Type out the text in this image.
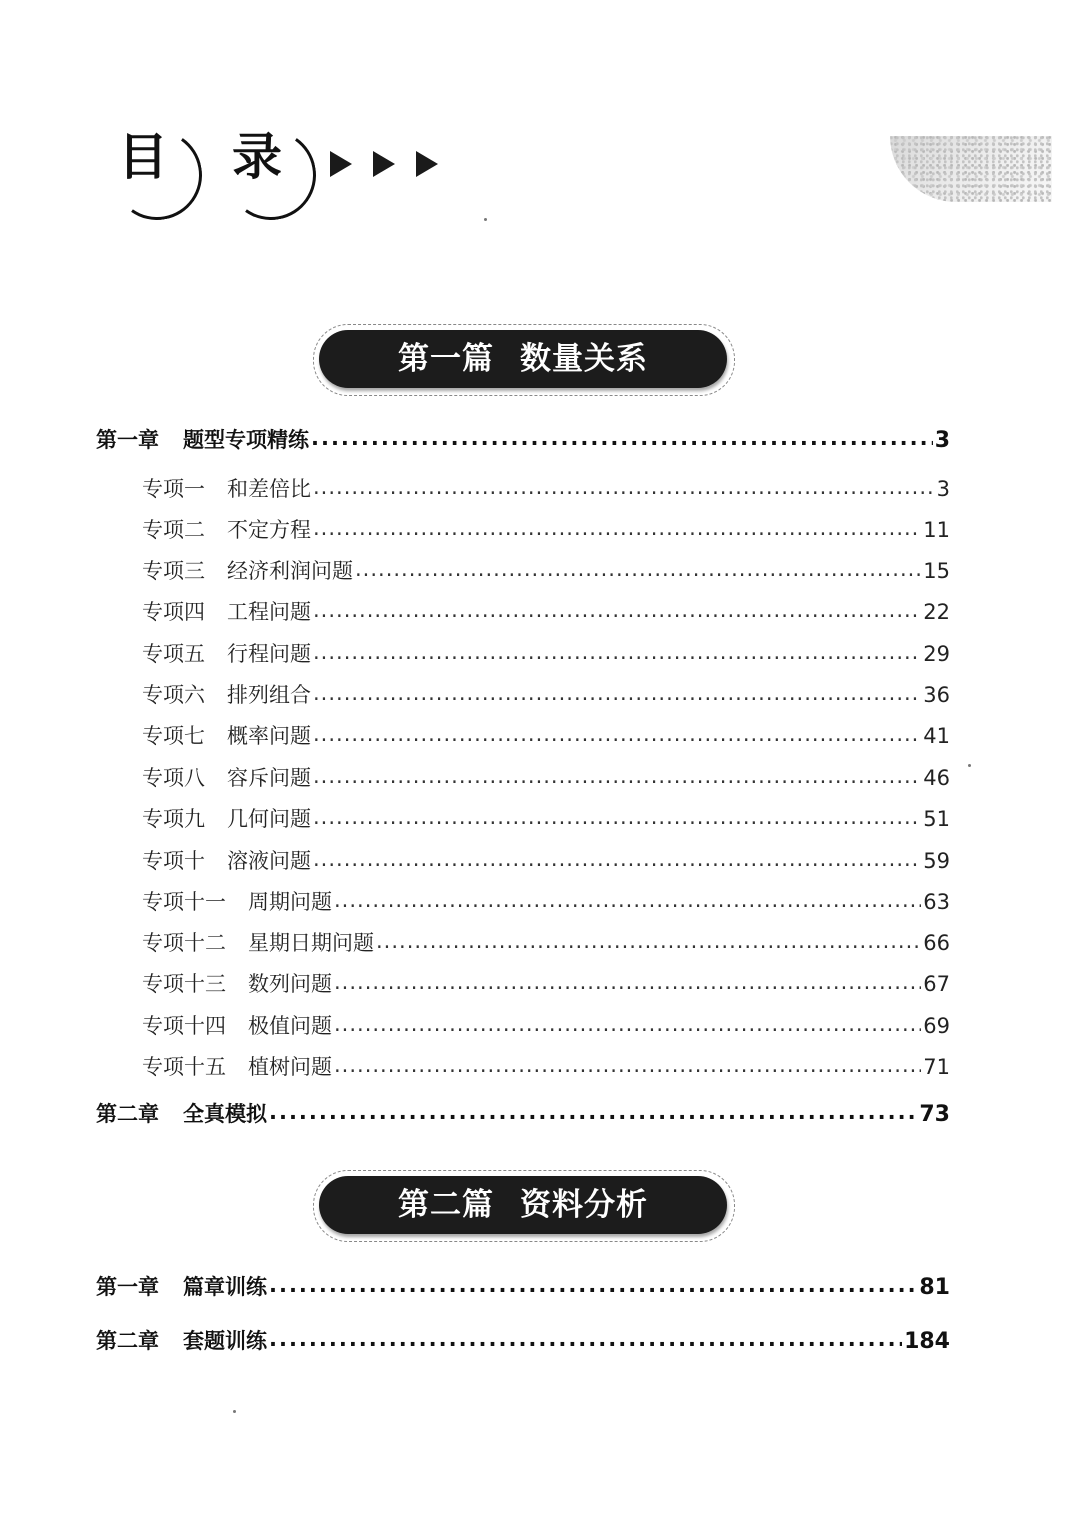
目 录
第一篇 数量关系
第一章 题型专项精练 .....	3
专项一 和差倍比 .....	3
专项二 不定方程 .....	11
专项三 经济利润问题 .....	15
专项四 工程问题 .....	22
专项五 行程问题 .....	29
专项六 排列组合 .....	36
专项七 概率问题 .....	41
专项八 容斥问题 .....	46
专项九 几何问题 .....	51
专项十 溶液问题 .....	59
专项十一 周期问题 .....	63
专项十二 星期日期问题 .....	66
专项十三 数列问题 .....	67
专项十四 极值问题 .....	69
专项十五 植树问题 .....	71
第二章 全真模拟 .....	73
第二篇 资料分析
第一章 篇章训练 .....	81
第二章 套题训练 .....	184
